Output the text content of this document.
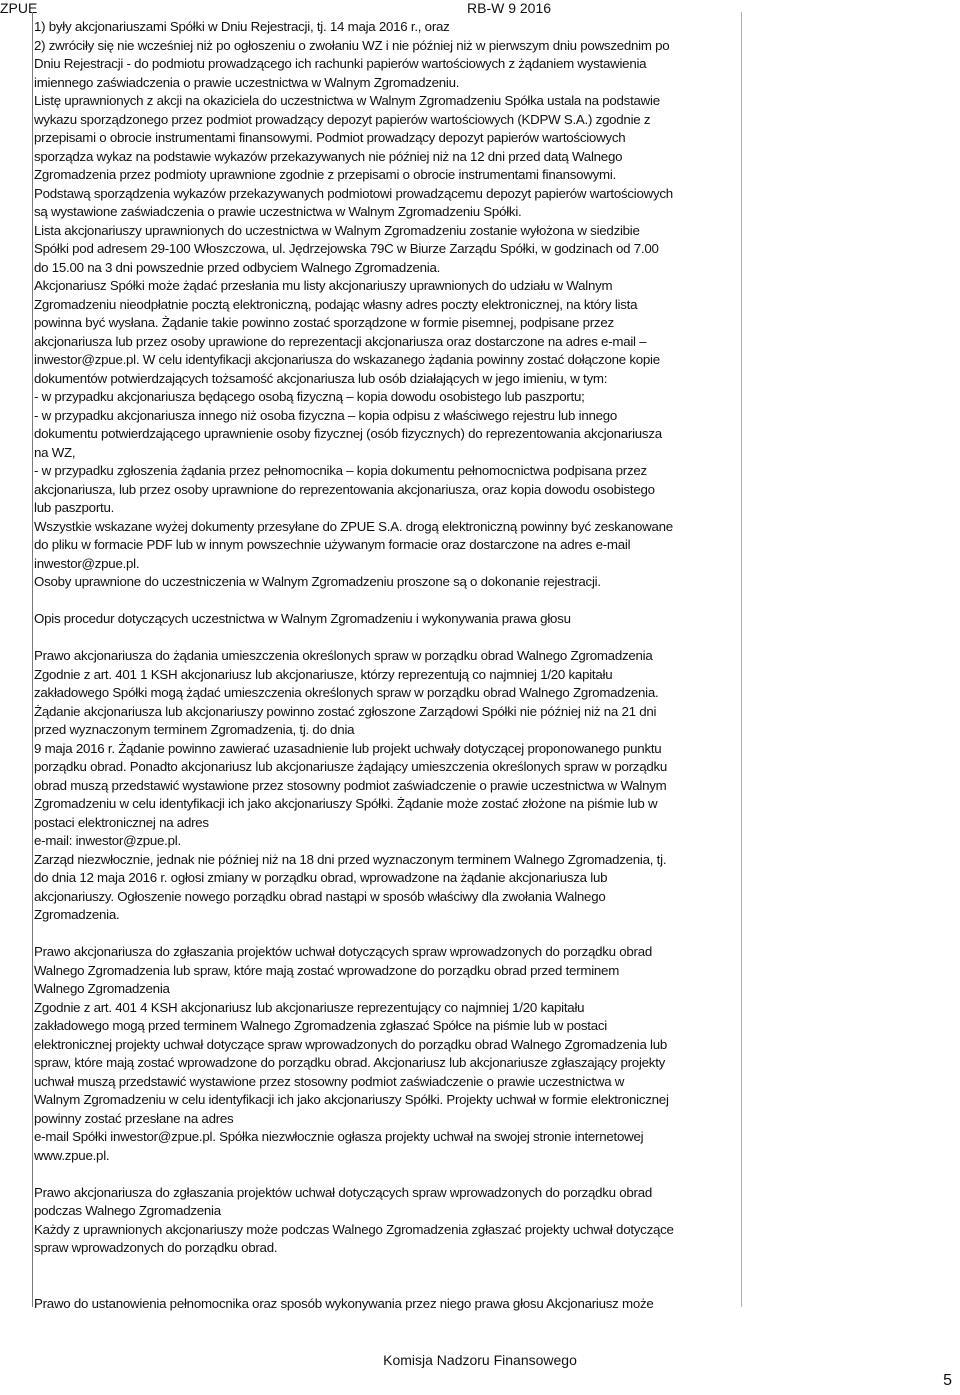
ZPUE	RB-W 9 2016
1) były akcjonariuszami Spółki w Dniu Rejestracji, tj. 14 maja 2016 r., oraz
2) zwróciły się nie wcześniej niż po ogłoszeniu o zwołaniu WZ i nie później niż w pierwszym dniu powszednim po
Dniu Rejestracji - do podmiotu prowadzącego ich rachunki papierów wartościowych z żądaniem wystawienia
imiennego zaświadczenia o prawie uczestnictwa w Walnym Zgromadzeniu.
Listę uprawnionych z akcji na okaziciela do uczestnictwa w Walnym Zgromadzeniu Spółka ustala na podstawie
wykazu sporządzonego przez podmiot prowadzący depozyt papierów wartościowych (KDPW S.A.) zgodnie z
przepisami o obrocie instrumentami finansowymi. Podmiot prowadzący depozyt papierów wartościowych
sporządza wykaz na podstawie wykazów przekazywanych nie później niż na 12 dni przed datą Walnego
Zgromadzenia przez podmioty uprawnione zgodnie z przepisami o obrocie instrumentami finansowymi.
Podstawą sporządzenia wykazów przekazywanych podmiotowi prowadzącemu depozyt papierów wartościowych
są wystawione zaświadczenia o prawie uczestnictwa w Walnym Zgromadzeniu Spółki.
Lista akcjonariuszy uprawnionych do uczestnictwa w Walnym Zgromadzeniu zostanie wyłożona w siedzibie
Spółki pod adresem 29-100 Włoszczowa, ul. Jędrzejowska 79C w Biurze Zarządu Spółki, w godzinach od 7.00
do 15.00 na 3 dni powszednie przed odbyciem Walnego Zgromadzenia.
Akcjonariusz Spółki może żądać przesłania mu listy akcjonariuszy uprawnionych do udziału w Walnym
Zgromadzeniu nieodpłatnie pocztą elektroniczną, podając własny adres poczty elektronicznej, na który lista
powinna być wysłana. Żądanie takie powinno zostać sporządzone w formie pisemnej, podpisane przez
akcjonariusza lub przez osoby uprawione do reprezentacji akcjonariusza oraz dostarczone na adres e-mail –
inwestor@zpue.pl. W celu identyfikacji akcjonariusza do wskazanego żądania powinny zostać dołączone kopie
dokumentów potwierdzających tożsamość akcjonariusza lub osób działających w jego imieniu, w tym:
- w przypadku akcjonariusza będącego osobą fizyczną – kopia dowodu osobistego lub paszportu;
- w przypadku akcjonariusza innego niż osoba fizyczna – kopia odpisu z właściwego rejestru lub innego
dokumentu potwierdzającego uprawnienie osoby fizycznej (osób fizycznych) do reprezentowania akcjonariusza
na WZ,
- w przypadku zgłoszenia żądania przez pełnomocnika – kopia dokumentu pełnomocnictwa podpisana przez
akcjonariusza, lub przez osoby uprawnione do reprezentowania akcjonariusza, oraz kopia dowodu osobistego
lub paszportu.
Wszystkie wskazane wyżej dokumenty przesyłane do ZPUE S.A. drogą elektroniczną powinny być zeskanowane
do pliku w formacie PDF lub w innym powszechnie używanym formacie oraz dostarczone na adres e-mail
inwestor@zpue.pl.
Osoby uprawnione do uczestniczenia w Walnym Zgromadzeniu proszone są o dokonanie rejestracji.
Opis procedur dotyczących uczestnictwa w Walnym Zgromadzeniu i wykonywania prawa głosu
Prawo akcjonariusza do żądania umieszczenia określonych spraw w porządku obrad Walnego Zgromadzenia
Zgodnie z art. 401 1 KSH akcjonariusz lub akcjonariusze, którzy reprezentują co najmniej 1/20 kapitału
zakładowego Spółki mogą żądać umieszczenia określonych spraw w porządku obrad Walnego Zgromadzenia.
Żądanie akcjonariusza lub akcjonariuszy powinno zostać zgłoszone Zarządowi Spółki nie później niż na 21 dni
przed wyznaczonym terminem Zgromadzenia, tj. do dnia
9 maja 2016 r. Żądanie powinno zawierać uzasadnienie lub projekt uchwały dotyczącej proponowanego punktu
porządku obrad. Ponadto akcjonariusz lub akcjonariusze żądający umieszczenia określonych spraw w porządku
obrad muszą przedstawić wystawione przez stosowny podmiot zaświadczenie o prawie uczestnictwa w Walnym
Zgromadzeniu w celu identyfikacji ich jako akcjonariuszy Spółki. Żądanie może zostać złożone na piśmie lub w
postaci elektronicznej na adres
e-mail: inwestor@zpue.pl.
Zarząd niezwłocznie, jednak nie później niż na 18 dni przed wyznaczonym terminem Walnego Zgromadzenia, tj.
do dnia 12 maja 2016 r. ogłosi zmiany w porządku obrad, wprowadzone na żądanie akcjonariusza lub
akcjonariuszy. Ogłoszenie nowego porządku obrad nastąpi w sposób właściwy dla zwołania Walnego
Zgromadzenia.
Prawo akcjonariusza do zgłaszania projektów uchwał dotyczących spraw wprowadzonych do porządku obrad
Walnego Zgromadzenia lub spraw, które mają zostać wprowadzone do porządku obrad przed terminem
Walnego Zgromadzenia
Zgodnie z art. 401 4 KSH akcjonariusz lub akcjonariusze reprezentujący co najmniej 1/20 kapitału
zakładowego mogą przed terminem Walnego Zgromadzenia zgłaszać Spółce na piśmie lub w postaci
elektronicznej projekty uchwał dotyczące spraw wprowadzonych do porządku obrad Walnego Zgromadzenia lub
spraw, które mają zostać wprowadzone do porządku obrad. Akcjonariusz lub akcjonariusze zgłaszający projekty
uchwał muszą przedstawić wystawione przez stosowny podmiot zaświadczenie o prawie uczestnictwa w
Walnym Zgromadzeniu w celu identyfikacji ich jako akcjonariuszy Spółki. Projekty uchwał w formie elektronicznej
powinny zostać przesłane na adres
e-mail Spółki inwestor@zpue.pl. Spółka niezwłocznie ogłasza projekty uchwał na swojej stronie internetowej
www.zpue.pl.
Prawo akcjonariusza do zgłaszania projektów uchwał dotyczących spraw wprowadzonych do porządku obrad
podczas Walnego Zgromadzenia
Każdy z uprawnionych akcjonariuszy może podczas Walnego Zgromadzenia zgłaszać projekty uchwał dotyczące
spraw wprowadzonych do porządku obrad.
Prawo do ustanowienia pełnomocnika oraz sposób wykonywania przez niego prawa głosu Akcjonariusz może
Komisja Nadzoru Finansowego
5
